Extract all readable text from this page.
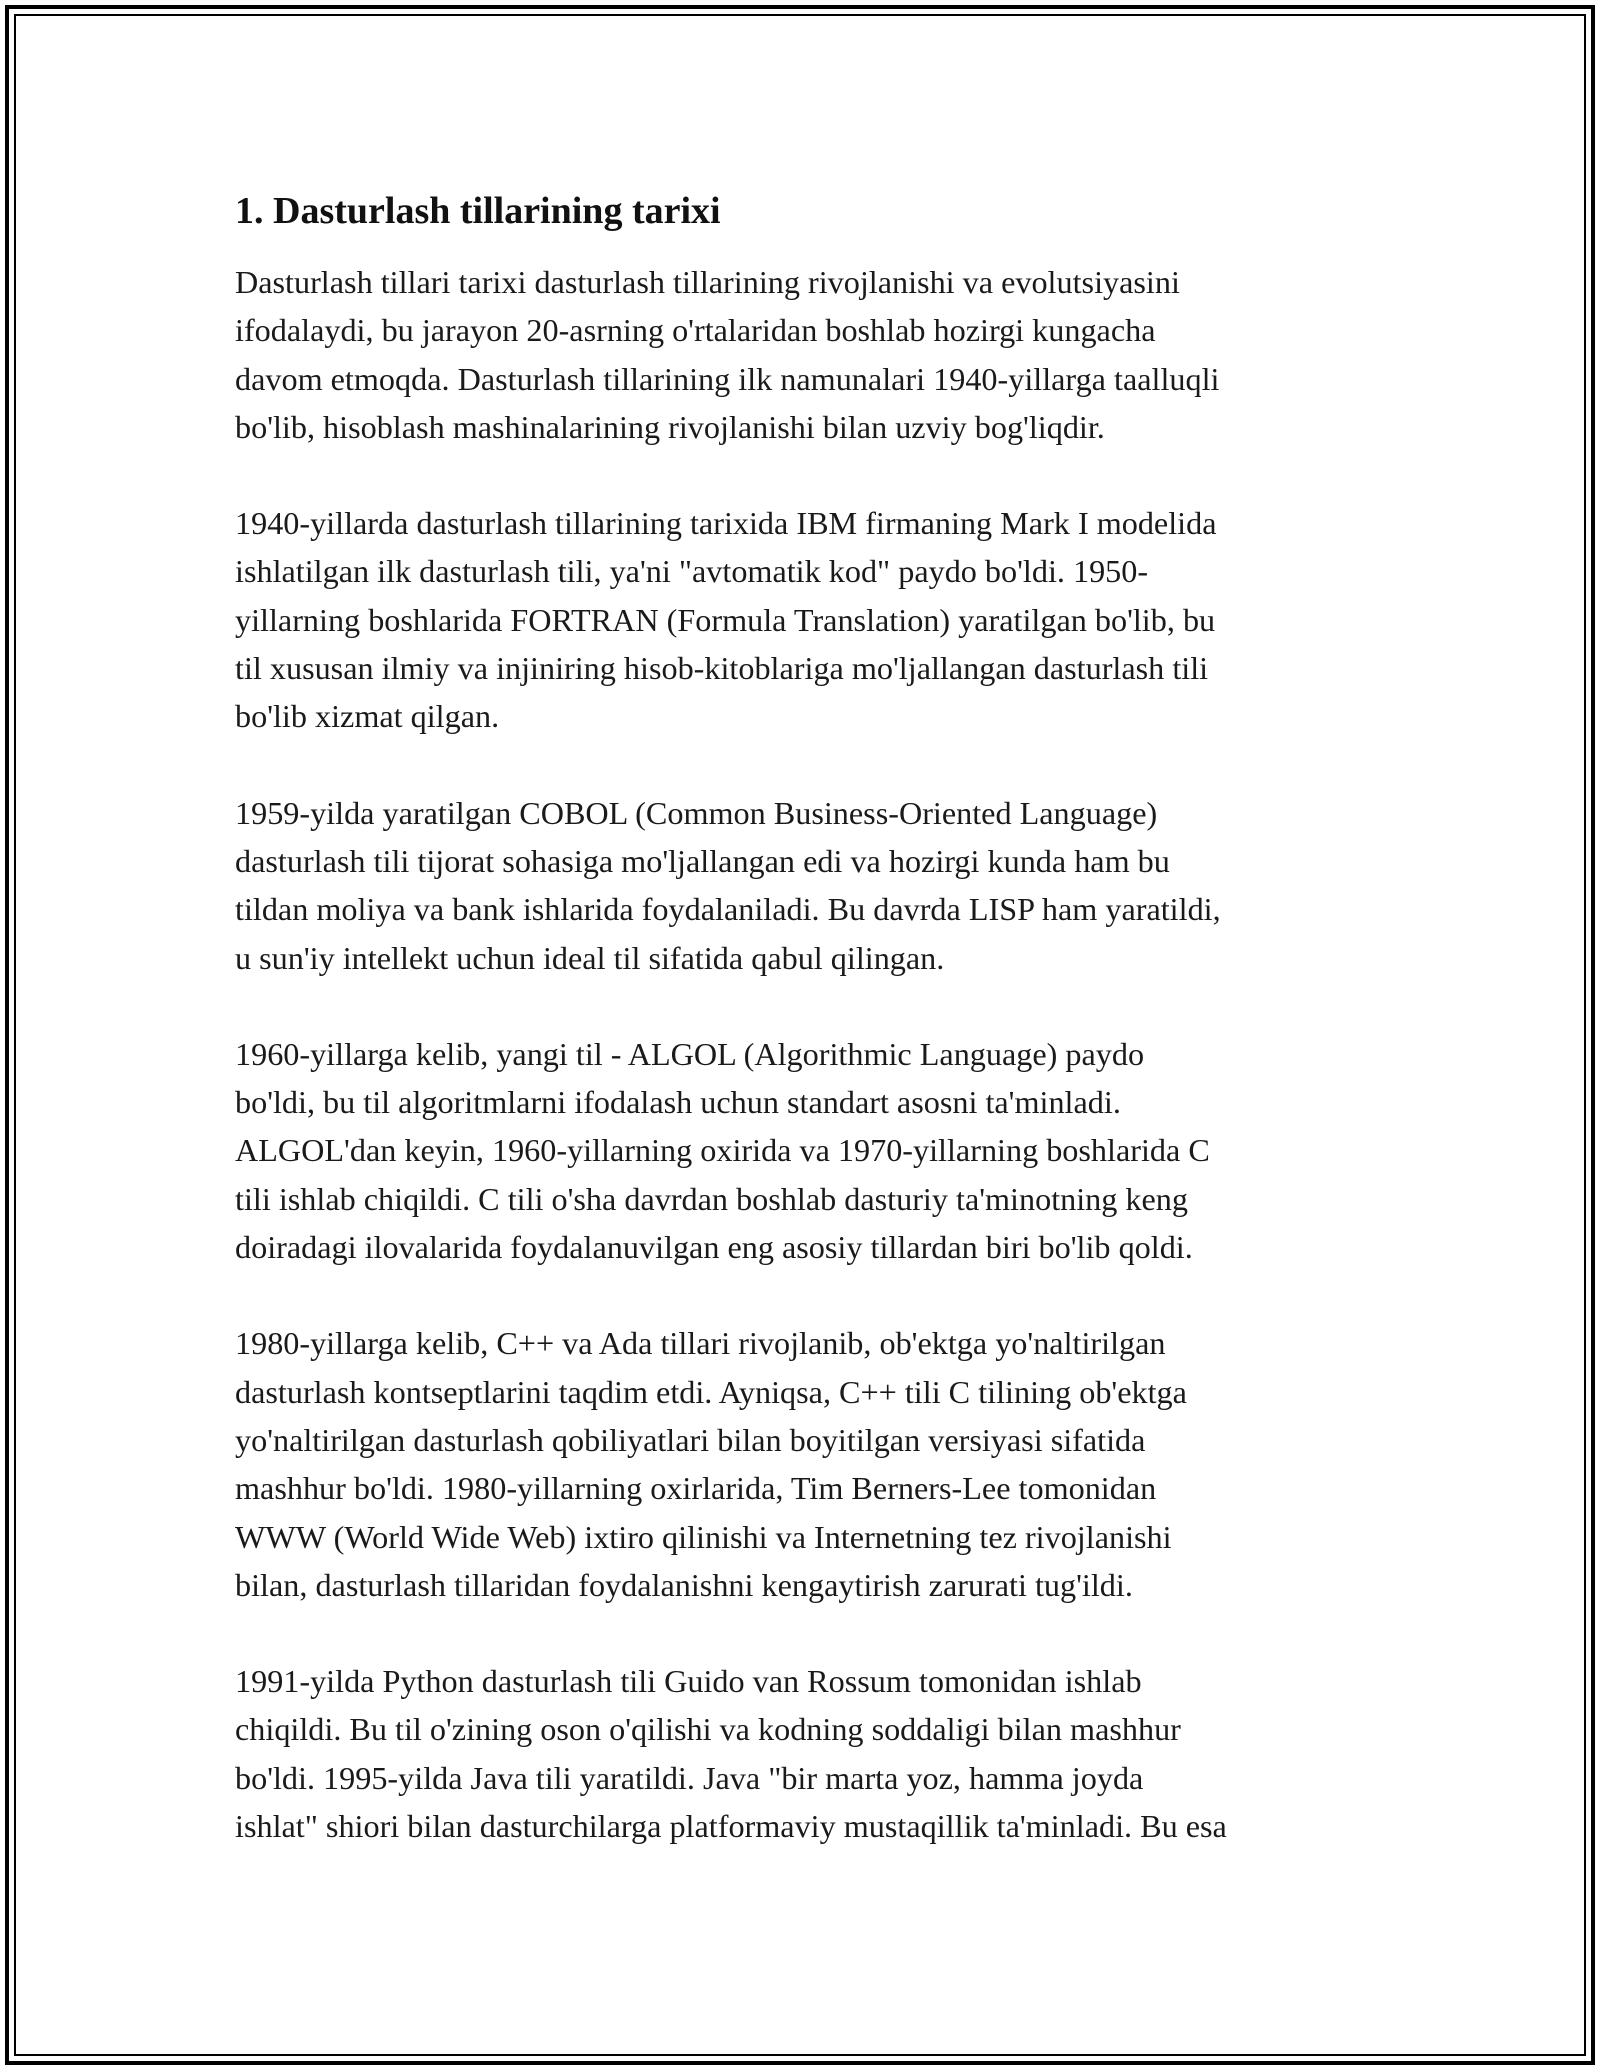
1. Dasturlash tillarining tarixi
Dasturlash tillari tarixi dasturlash tillarining rivojlanishi va evolutsiyasini
ifodalaydi, bu jarayon 20-asrning o'rtalaridan boshlab hozirgi kungacha
davom etmoqda. Dasturlash tillarining ilk namunalari 1940-yillarga taalluqli
bo'lib, hisoblash mashinalarining rivojlanishi bilan uzviy bog'liqdir.
1940-yillarda dasturlash tillarining tarixida IBM firmaning Mark I modelida
ishlatilgan ilk dasturlash tili, ya'ni "avtomatik kod" paydo bo'ldi. 1950-
yillarning boshlarida FORTRAN (Formula Translation) yaratilgan bo'lib, bu
til xususan ilmiy va injiniring hisob-kitoblariga mo'ljallangan dasturlash tili
bo'lib xizmat qilgan.
1959-yilda yaratilgan COBOL (Common Business-Oriented Language)
dasturlash tili tijorat sohasiga mo'ljallangan edi va hozirgi kunda ham bu
tildan moliya va bank ishlarida foydalaniladi. Bu davrda LISP ham yaratildi,
u sun'iy intellekt uchun ideal til sifatida qabul qilingan.
1960-yillarga kelib, yangi til - ALGOL (Algorithmic Language) paydo
bo'ldi, bu til algoritmlarni ifodalash uchun standart asosni ta'minladi.
ALGOL'dan keyin, 1960-yillarning oxirida va 1970-yillarning boshlarida C
tili ishlab chiqildi. C tili o'sha davrdan boshlab dasturiy ta'minotning keng
doiradagi ilovalarida foydalanuvilgan eng asosiy tillardan biri bo'lib qoldi.
1980-yillarga kelib, C++ va Ada tillari rivojlanib, ob'ektga yo'naltirilgan
dasturlash kontseptlarini taqdim etdi. Ayniqsa, C++ tili C tilining ob'ektga
yo'naltirilgan dasturlash qobiliyatlari bilan boyitilgan versiyasi sifatida
mashhur bo'ldi. 1980-yillarning oxirlarida, Tim Berners-Lee tomonidan
WWW (World Wide Web) ixtiro qilinishi va Internetning tez rivojlanishi
bilan, dasturlash tillaridan foydalanishni kengaytirish zarurati tug'ildi.
1991-yilda Python dasturlash tili Guido van Rossum tomonidan ishlab
chiqildi. Bu til o'zining oson o'qilishi va kodning soddaligi bilan mashhur
bo'ldi. 1995-yilda Java tili yaratildi. Java "bir marta yoz, hamma joyda
ishlat" shiori bilan dasturchilarga platformaviy mustaqillik ta'minladi. Bu esa
